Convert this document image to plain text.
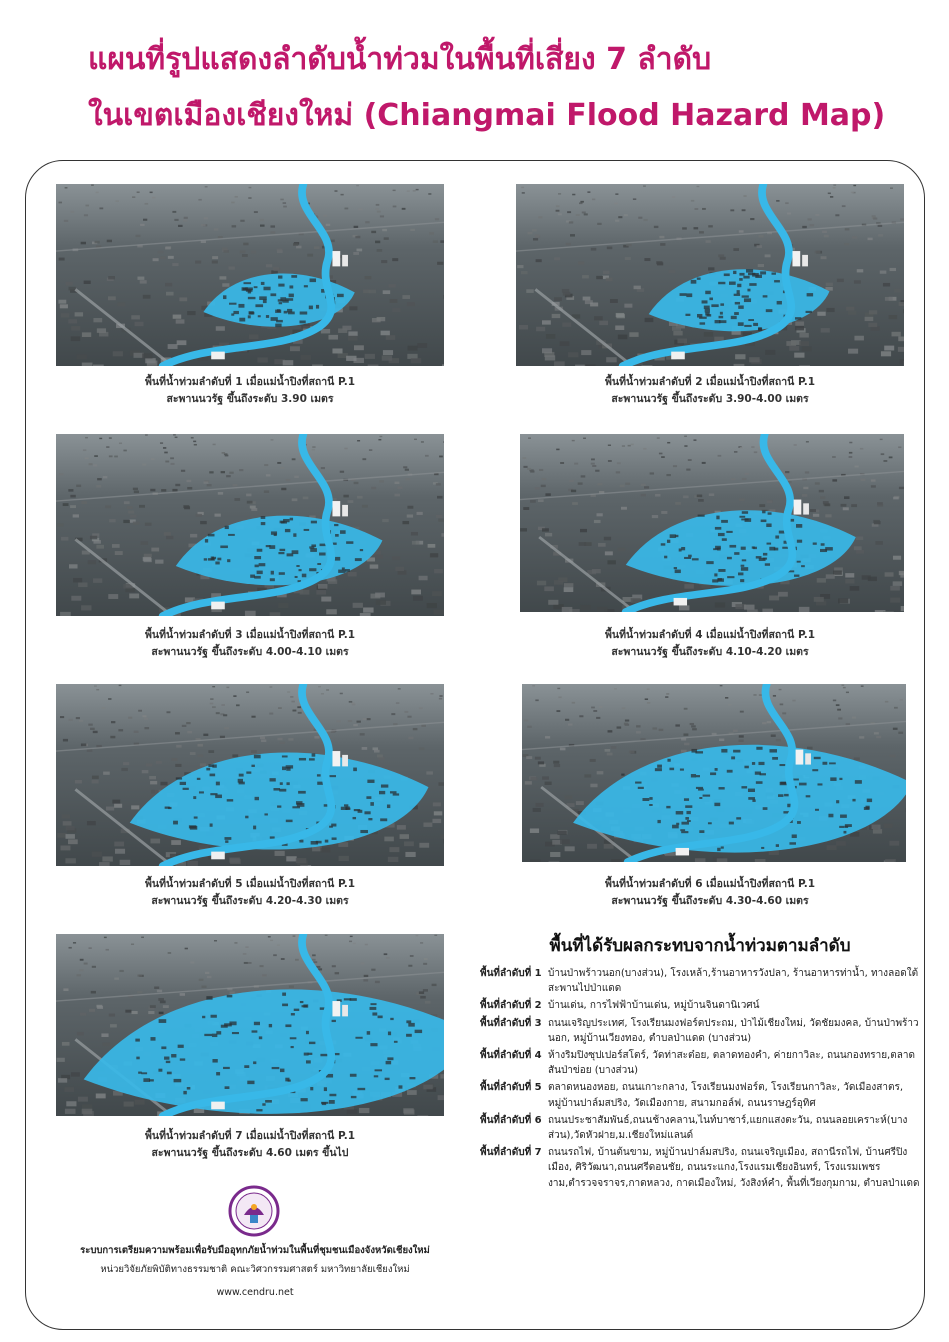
แผนที่รูปแสดงลำดับน้ำท่วมในพื้นที่เสี่ยง 7 ลำดับ
ในเขตเมืองเชียงใหม่ (Chiangmai Flood Hazard Map)
พื้นที่น้ำท่วมลำดับที่ 1 เมื่อแม่น้ำปิงที่สถานี P.1
สะพานนวรัฐ ขึ้นถึงระดับ 3.90 เมตร
พื้นที่น้ำท่วมลำดับที่ 2 เมื่อแม่น้ำปิงที่สถานี P.1
สะพานนวรัฐ ขึ้นถึงระดับ 3.90-4.00 เมตร
พื้นที่น้ำท่วมลำดับที่ 3 เมื่อแม่น้ำปิงที่สถานี P.1
สะพานนวรัฐ ขึ้นถึงระดับ 4.00-4.10 เมตร
พื้นที่น้ำท่วมลำดับที่ 4 เมื่อแม่น้ำปิงที่สถานี P.1
สะพานนวรัฐ ขึ้นถึงระดับ 4.10-4.20 เมตร
พื้นที่น้ำท่วมลำดับที่ 5 เมื่อแม่น้ำปิงที่สถานี P.1
สะพานนวรัฐ ขึ้นถึงระดับ 4.20-4.30 เมตร
พื้นที่น้ำท่วมลำดับที่ 6 เมื่อแม่น้ำปิงที่สถานี P.1
สะพานนวรัฐ ขึ้นถึงระดับ 4.30-4.60 เมตร
พื้นที่น้ำท่วมลำดับที่ 7 เมื่อแม่น้ำปิงที่สถานี P.1
สะพานนวรัฐ ขึ้นถึงระดับ 4.60 เมตร ขึ้นไป
พื้นที่ได้รับผลกระทบจากน้ำท่วมตามลำดับ
พื้นที่ลำดับที่ 1 บ้านป่าพร้าวนอก(บางส่วน), โรงเหล้า,ร้านอาหารวังปลา, ร้านอาหารท่าน้ำ, ทางลอดใต้สะพานไปป่าแดด
พื้นที่ลำดับที่ 2 บ้านเด่น, การไฟฟ้าบ้านเด่น, หมู่บ้านจินดานิเวศน์
พื้นที่ลำดับที่ 3 ถนนเจริญประเทศ, โรงเรียนมงฟอร์ตประถม, ป่าไม้เชียงใหม่, วัดชัยมงคล, บ้านป่าพร้าวนอก, หมู่บ้านเวียงทอง, ตำบลป่าแดด (บางส่วน)
พื้นที่ลำดับที่ 4 ห้างริมปิงซุปเปอร์สโตร์, วัดท่าสะต๋อย, ตลาดทองคำ, ค่ายกาวิละ, ถนนกองทราย,ตลาดสันป่าข่อย (บางส่วน)
พื้นที่ลำดับที่ 5 ตลาดหนองหอย, ถนนเกาะกลาง, โรงเรียนมงฟอร์ต, โรงเรียนกาวิละ, วัดเมืองสาตร, หมู่บ้านปาล์มสปริง, วัดเมืองกาย, สนามกอล์ฟ, ถนนราษฎร์อุทิศ
พื้นที่ลำดับที่ 6 ถนนประชาสัมพันธ์,ถนนช้างคลาน,ไนท์บาซาร์,แยกแสงตะวัน, ถนนลอยเคราะห์(บางส่วน),วัดหัวฝาย,ม.เชียงใหม่แลนด์
พื้นที่ลำดับที่ 7 ถนนรถไฟ, บ้านต้นขาม, หมู่บ้านปาล์มสปริง, ถนนเจริญเมือง, สถานีรถไฟ, บ้านศรีปิงเมือง, ศิริวัฒนา,ถนนศรีดอนชัย, ถนนระแกง,โรงแรมเชียงอินทร์, โรงแรมเพชรงาม,ตำรวจจราจร,กาดหลวง, กาดเมืองใหม่, วังสิงห์คำ, พื้นที่เวียงกุมกาม, ตำบลป่าแดด
ระบบการเตรียมความพร้อมเพื่อรับมืออุทกภัยน้ำท่วมในพื้นที่ชุมชนเมืองจังหวัดเชียงใหม่
หน่วยวิจัยภัยพิบัติทางธรรมชาติ คณะวิศวกรรมศาสตร์ มหาวิทยาลัยเชียงใหม่
www.cendru.net
